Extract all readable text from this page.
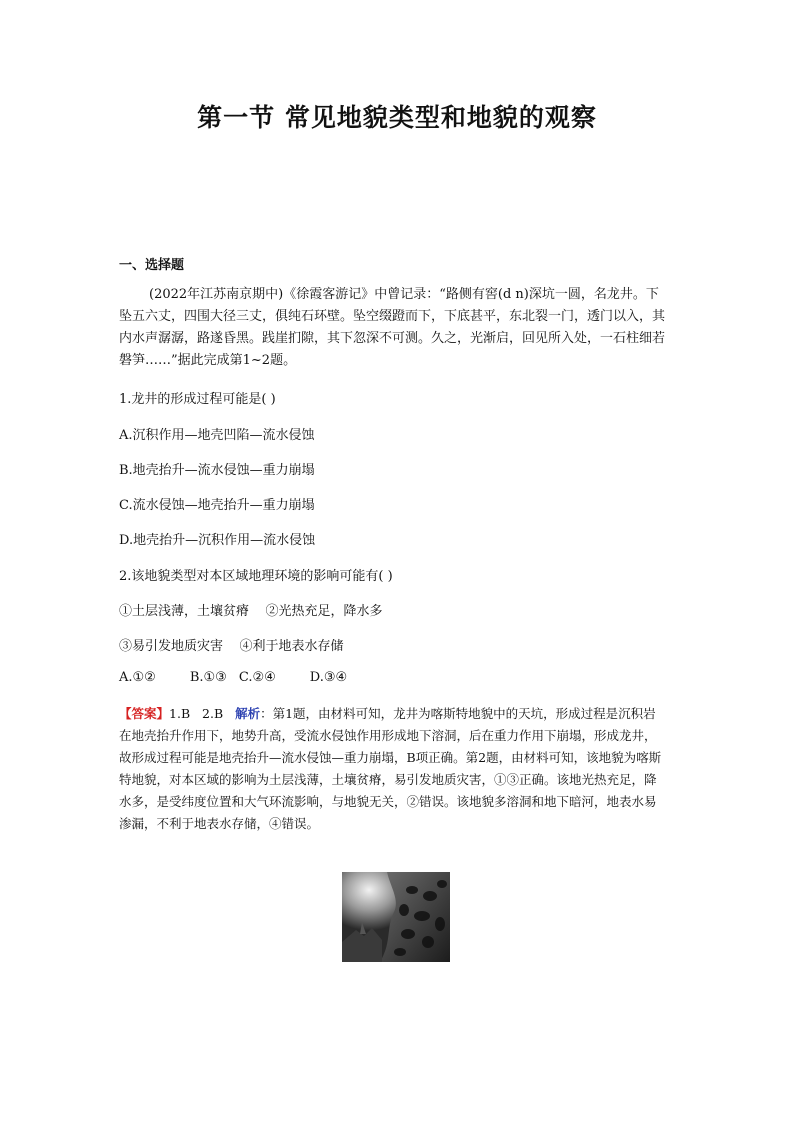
第一节 常见地貌类型和地貌的观察
一、选择题
(2022年江苏南京期中)《徐霞客游记》中曾记录：“路侧有窖(d n)深坑一圆，名龙井。下坠五六丈，四围大径三丈，俱纯石环壁。坠空缀蹬而下，下底甚平，东北裂一门，透门以入，其内水声潺潺，路遂昏黑。践崖扪隙，其下忽深不可测。久之，光渐启，回见所入处，一石柱细若磐笋……”据此完成第1~2题。
1.龙井的形成过程可能是( )
A.沉积作用—地壳凹陷—流水侵蚀
B.地壳抬升—流水侵蚀—重力崩塌
C.流水侵蚀—地壳抬升—重力崩塌
D.地壳抬升—沉积作用—流水侵蚀
2.该地貌类型对本区域地理环境的影响可能有( )
①土层浅薄，土壤贫瘠    ②光热充足，降水多
③易引发地质灾害    ④利于地表水存储
A.①②	B.①③ C.②④	D.③④
【答案】1.B   2.B   解析：第1题，由材料可知，龙井为喀斯特地貌中的天坑，形成过程是沉积岩在地壳抬升作用下，地势升高，受流水侵蚀作用形成地下溶洞，后在重力作用下崩塌，形成龙井，故形成过程可能是地壳抬升—流水侵蚀—重力崩塌，B项正确。第2题，由材料可知，该地貌为喀斯特地貌，对本区域的影响为土层浅薄，土壤贫瘠，易引发地质灾害，①③正确。该地光热充足，降水多，是受纬度位置和大气环流影响，与地貌无关，②错误。该地貌多溶洞和地下暗河，地表水易渗漏，不利于地表水存储，④错误。
